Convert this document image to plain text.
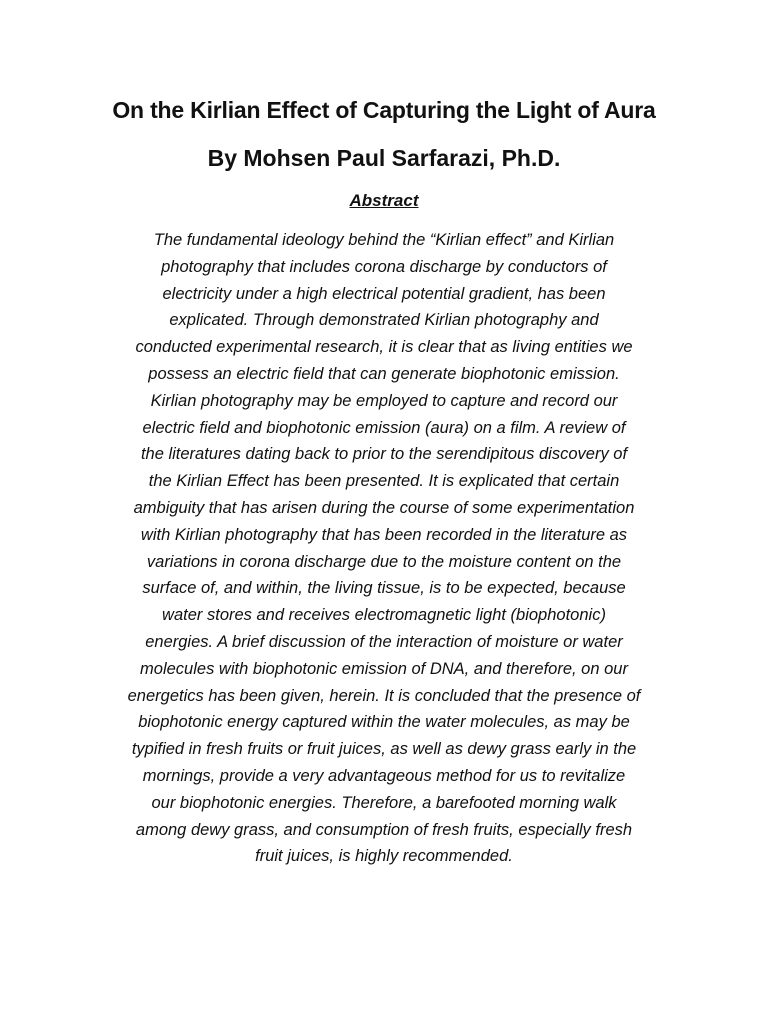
On the Kirlian Effect of Capturing the Light of Aura
By Mohsen Paul Sarfarazi, Ph.D.
Abstract
The fundamental ideology behind the “Kirlian effect” and Kirlian
photography that includes corona discharge by conductors of
electricity under a high electrical potential gradient, has been
explicated. Through demonstrated Kirlian photography and
conducted experimental research, it is clear that as living entities we
possess an electric field that can generate biophotonic emission.
Kirlian photography may be employed to capture and record our
electric field and biophotonic emission (aura) on a film. A review of
the literatures dating back to prior to the serendipitous discovery of
the Kirlian Effect has been presented. It is explicated that certain
ambiguity that has arisen during the course of some experimentation
with Kirlian photography that has been recorded in the literature as
variations in corona discharge due to the moisture content on the
surface of, and within, the living tissue, is to be expected, because
water stores and receives electromagnetic light (biophotonic)
energies. A brief discussion of the interaction of moisture or water
molecules with biophotonic emission of DNA, and therefore, on our
energetics has been given, herein. It is concluded that the presence of
biophotonic energy captured within the water molecules, as may be
typified in fresh fruits or fruit juices, as well as dewy grass early in the
mornings, provide a very advantageous method for us to revitalize
our biophotonic energies. Therefore, a barefooted morning walk
among dewy grass, and consumption of fresh fruits, especially fresh
fruit juices, is highly recommended.
